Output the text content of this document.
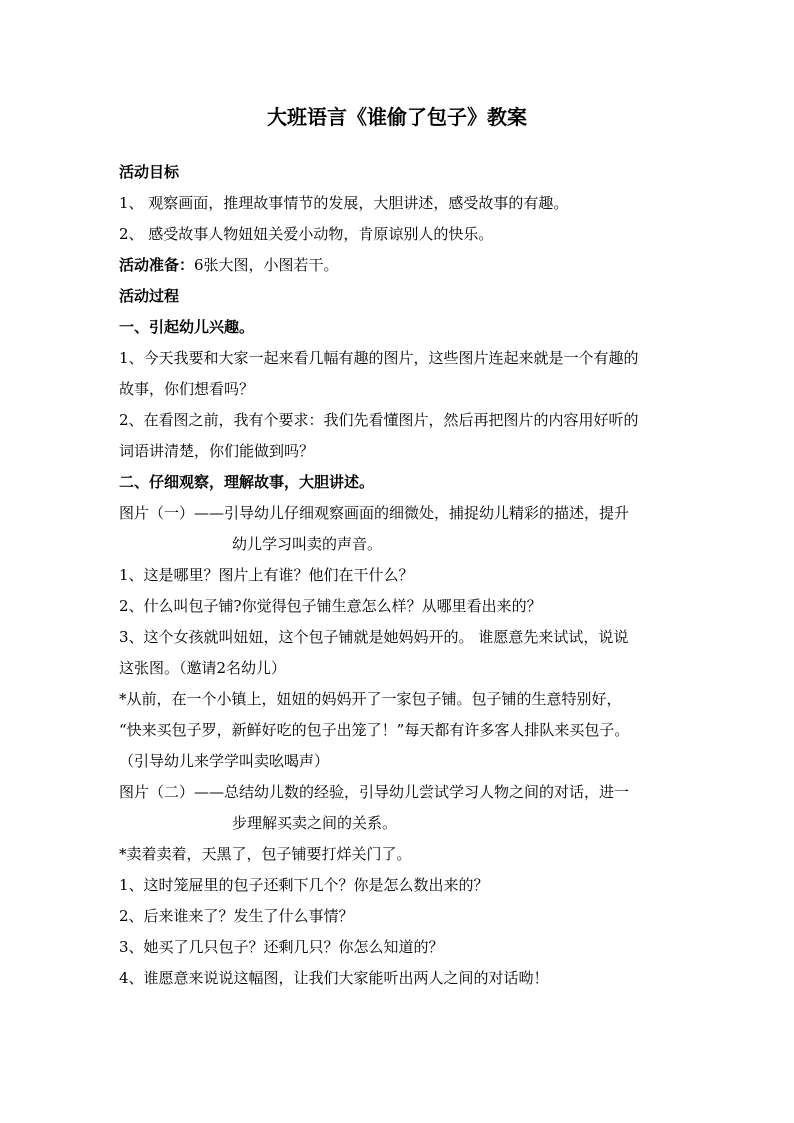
大班语言《谁偷了包子》教案
活动目标
1、 观察画面，推理故事情节的发展，大胆讲述，感受故事的有趣。
2、 感受故事人物妞妞关爱小动物，肯原谅别人的快乐。
活动准备：6张大图，小图若干。
活动过程
一、引起幼儿兴趣。
1、今天我要和大家一起来看几幅有趣的图片，这些图片连起来就是一个有趣的
故事，你们想看吗？
2、在看图之前，我有个要求：我们先看懂图片，然后再把图片的内容用好听的
词语讲清楚，你们能做到吗？
二、仔细观察，理解故事，大胆讲述。
图片（一）——引导幼儿仔细观察画面的细微处，捕捉幼儿精彩的描述，提升
幼儿学习叫卖的声音。
1、这是哪里？图片上有谁？他们在干什么？
2、什么叫包子铺?你觉得包子铺生意怎么样？从哪里看出来的？
3、这个女孩就叫妞妞，这个包子铺就是她妈妈开的。 谁愿意先来试试，说说
这张图。（邀请2名幼儿）
*从前，在一个小镇上，妞妞的妈妈开了一家包子铺。包子铺的生意特别好，
“快来买包子罗，新鲜好吃的包子出笼了！”每天都有许多客人排队来买包子。
（引导幼儿来学学叫卖吆喝声）
图片（二）——总结幼儿数的经验，引导幼儿尝试学习人物之间的对话，进一
步理解买卖之间的关系。
*卖着卖着，天黑了，包子铺要打烊关门了。
1、这时笼屉里的包子还剩下几个？你是怎么数出来的？
2、后来谁来了？发生了什么事情？
3、她买了几只包子？还剩几只？你怎么知道的？
4、谁愿意来说说这幅图，让我们大家能听出两人之间的对话呦！
